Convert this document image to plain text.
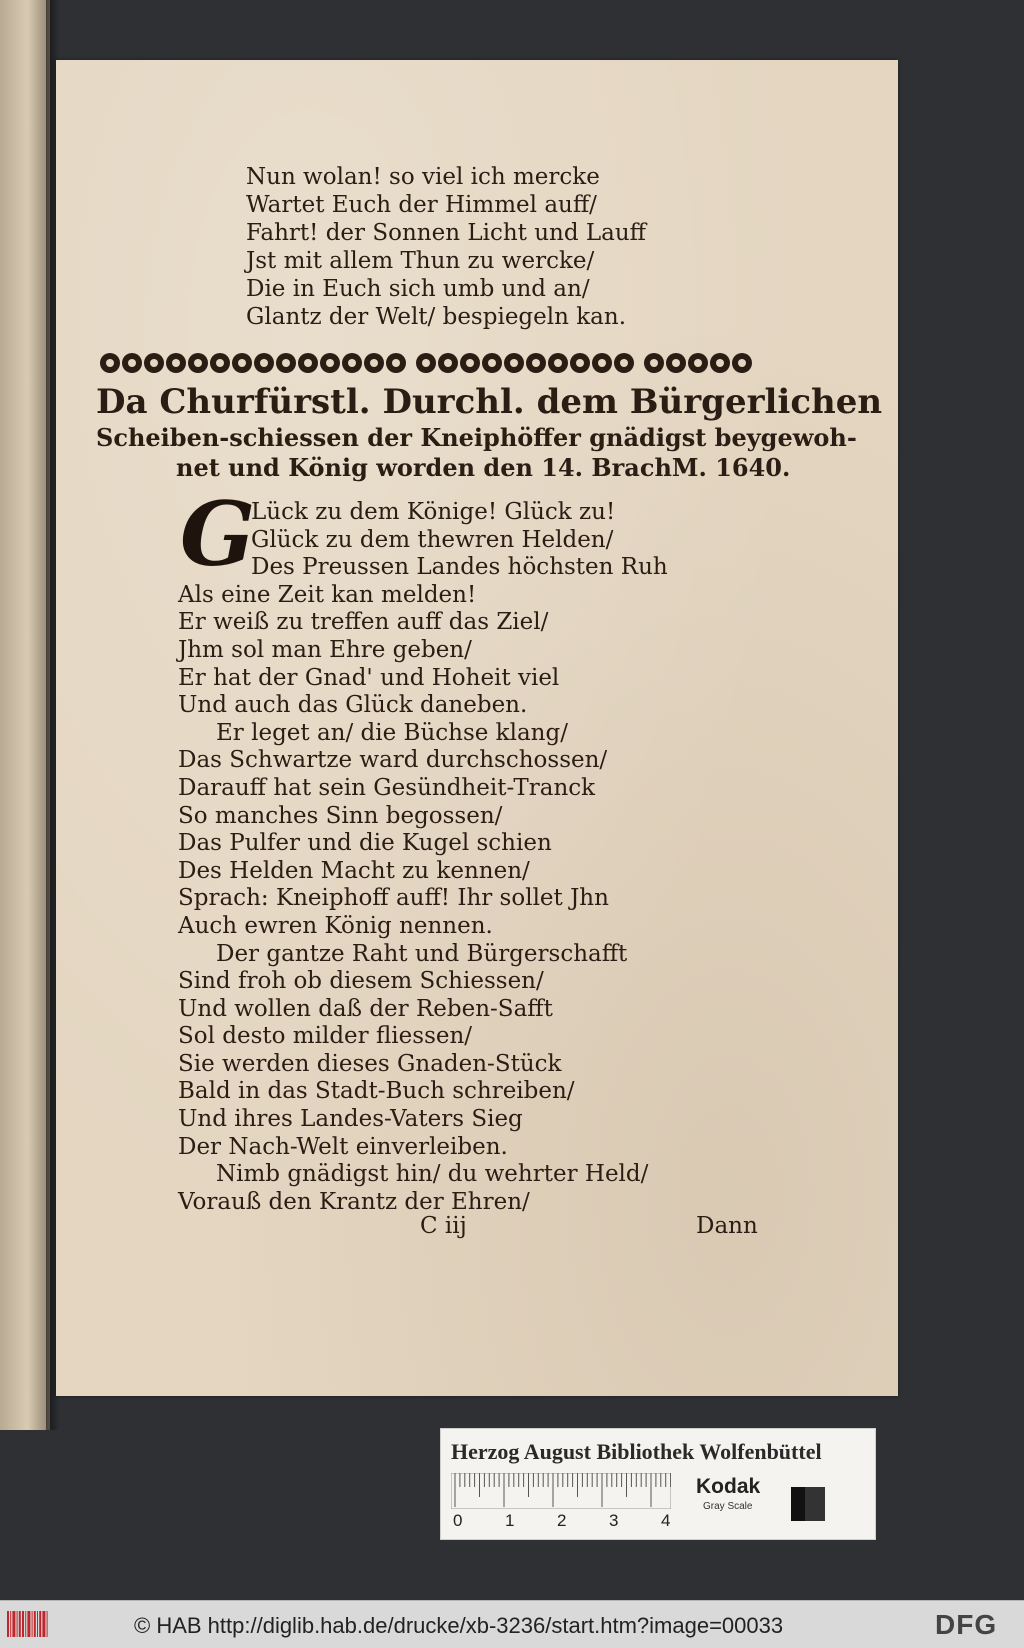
Nun wolan! so viel ich mercke
Wartet Euch der Himmel auff/
Fahrt! der Sonnen Licht und Lauff
Jst mit allem Thun zu wercke/
Die in Euch sich umb und an/
Glantz der Welt/ bespiegeln kan.
Da Churfürstl. Durchl. dem Bürgerlichen
Scheiben-schiessen der Kneiphöffer gnädigst beygewoh-
net und König worden den 14. BrachM. 1640.
G
Lück zu dem Könige! Glück zu!
Glück zu dem thewren Helden/
Des Preussen Landes höchsten Ruh
Als eine Zeit kan melden!
Er weiß zu treffen auff das Ziel/
Jhm sol man Ehre geben/
Er hat der Gnad' und Hoheit viel
Und auch das Glück daneben.
Er leget an/ die Büchse klang/
Das Schwartze ward durchschossen/
Darauff hat sein Gesündheit-Tranck
So manches Sinn begossen/
Das Pulfer und die Kugel schien
Des Helden Macht zu kennen/
Sprach: Kneiphoff auff! Ihr sollet Jhn
Auch ewren König nennen.
Der gantze Raht und Bürgerschafft
Sind froh ob diesem Schiessen/
Und wollen daß der Reben-Safft
Sol desto milder fliessen/
Sie werden dieses Gnaden-Stück
Bald in das Stadt-Buch schreiben/
Und ihres Landes-Vaters Sieg
Der Nach-Welt einverleiben.
Nimb gnädigst hin/ du wehrter Held/
Vorauß den Krantz der Ehren/
C iij	Dann
Herzog August Bibliothek Wolfenbüttel
0	1	2	3	4
Kodak
Gray Scale
© HAB http://diglib.hab.de/drucke/xb-3236/start.htm?image=00033	DFG
